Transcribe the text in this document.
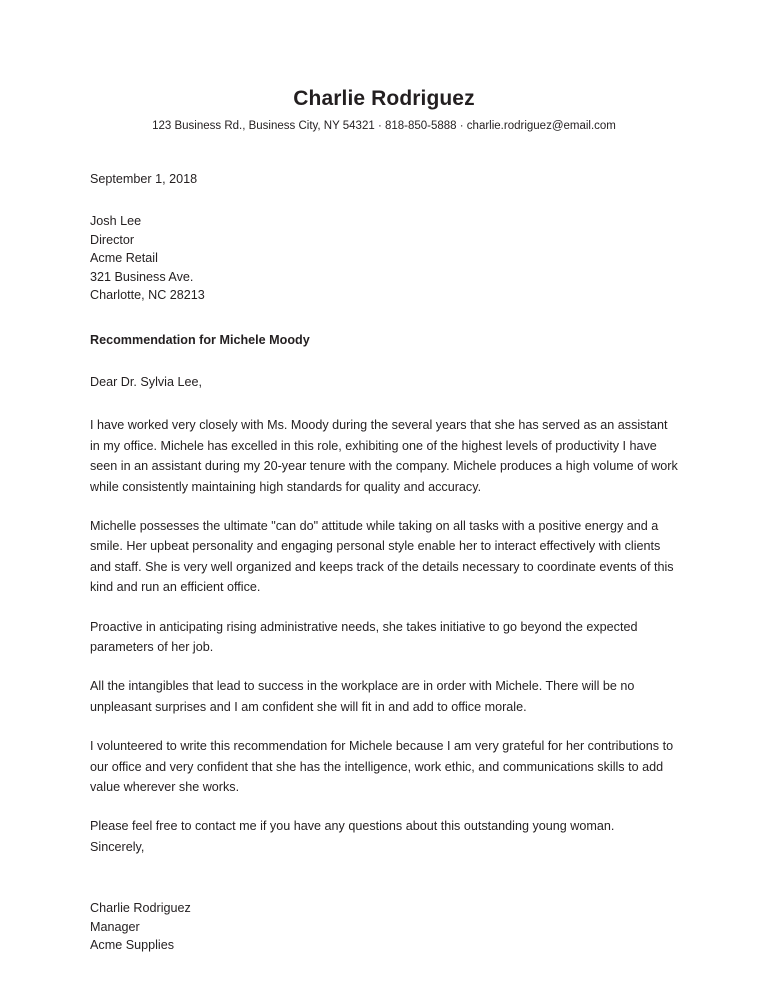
Charlie Rodriguez

123 Business Rd., Business City, NY 54321 · 818-850-5888 · charlie.rodriguez@email.com

September 1, 2018

Josh Lee
Director
Acme Retail
321 Business Ave.
Charlotte, NC 28213

Recommendation for Michele Moody

Dear Dr. Sylvia Lee,

I have worked very closely with Ms. Moody during the several years that she has served as an assistant in my office. Michele has excelled in this role, exhibiting one of the highest levels of productivity I have seen in an assistant during my 20-year tenure with the company. Michele produces a high volume of work while consistently maintaining high standards for quality and accuracy.

Michelle possesses the ultimate "can do" attitude while taking on all tasks with a positive energy and a smile. Her upbeat personality and engaging personal style enable her to interact effectively with clients and staff. She is very well organized and keeps track of the details necessary to coordinate events of this kind and run an efficient office.

Proactive in anticipating rising administrative needs, she takes initiative to go beyond the expected parameters of her job.

All the intangibles that lead to success in the workplace are in order with Michele. There will be no unpleasant surprises and I am confident she will fit in and add to office morale.

I volunteered to write this recommendation for Michele because I am very grateful for her contributions to our office and very confident that she has the intelligence, work ethic, and communications skills to add value wherever she works.

Please feel free to contact me if you have any questions about this outstanding young woman.
Sincerely,
Charlie Rodriguez
Manager
Acme Supplies
